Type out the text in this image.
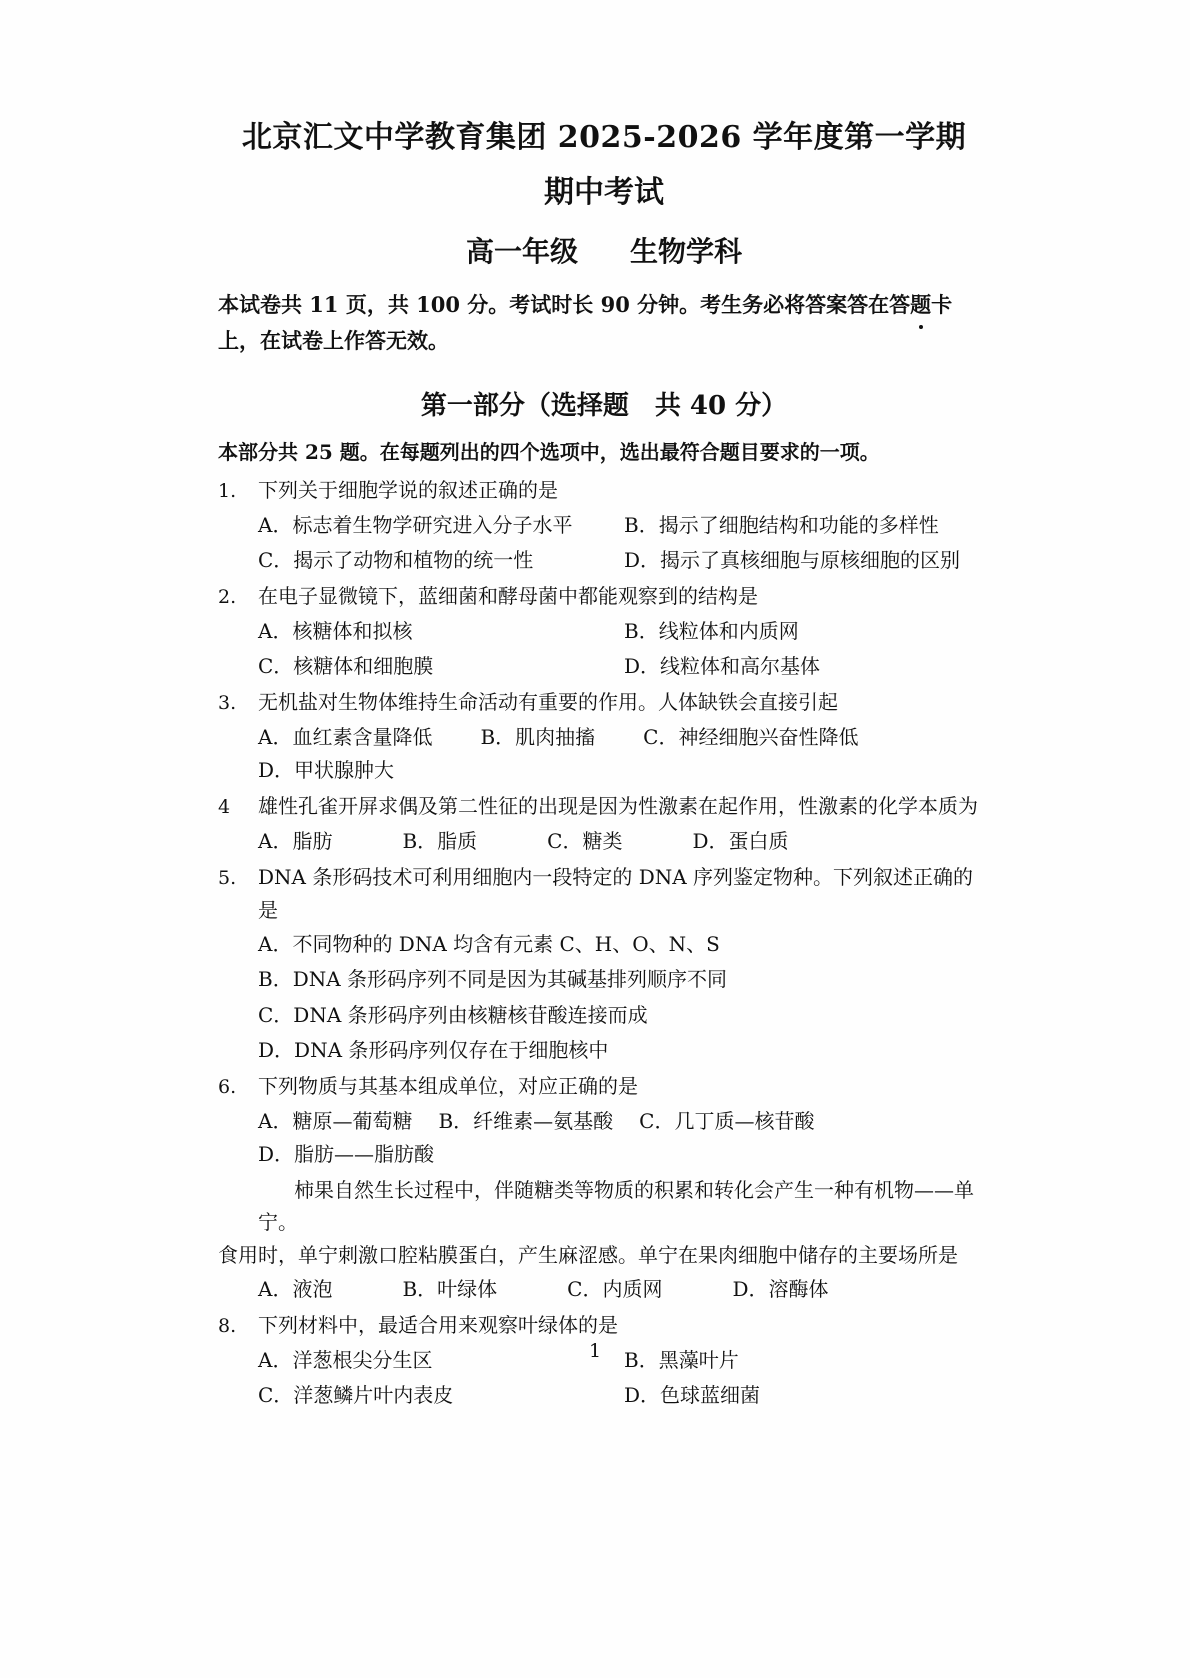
北京汇文中学教育集团 2025-2026 学年度第一学期
期中考试
高一年级 生物学科
本试卷共 11 页，共 100 分。考试时长 90 分钟。考生务必将答案答在答题卡
上，在试卷上作答无效。
第一部分（选择题　共 40 分）
本部分共 25 题。在每题列出的四个选项中，选出最符合题目要求的一项。
1.	下列关于细胞学说的叙述正确的是
A．标志着生物学研究进入分子水平	B．揭示了细胞结构和功能的多样性
C．揭示了动物和植物的统一性	D．揭示了真核细胞与原核细胞的区别
2.	在电子显微镜下，蓝细菌和酵母菌中都能观察到的结构是
A．核糖体和拟核	B．线粒体和内质网
C．核糖体和细胞膜	D．线粒体和高尔基体
3.	无机盐对生物体维持生命活动有重要的作用。人体缺铁会直接引起
A．血红素含量降低 B．肌肉抽搐 C．神经细胞兴奋性降低D．甲状腺肿大
4	雄性孔雀开屏求偶及第二性征的出现是因为性激素在起作用，性激素的化学本质为
A．脂肪	B．脂质	C．糖类	D．蛋白质
5.	DNA 条形码技术可利用细胞内一段特定的 DNA 序列鉴定物种。下列叙述正确的是
A．不同物种的 DNA 均含有元素 C、H、O、N、S
B．DNA 条形码序列不同是因为其碱基排列顺序不同
C．DNA 条形码序列由核糖核苷酸连接而成
D．DNA 条形码序列仅存在于细胞核中
6.	下列物质与其基本组成单位，对应正确的是
A．糖原—葡萄糖 B．纤维素—氨基酸 C．几丁质—核苷酸D．脂肪——脂肪酸
柿果自然生长过程中，伴随糖类等物质的积累和转化会产生一种有机物——单宁。
食用时，单宁刺激口腔粘膜蛋白，产生麻涩感。单宁在果肉细胞中储存的主要场所是
A．液泡	B．叶绿体	C．内质网	D．溶酶体
8.	下列材料中，最适合用来观察叶绿体的是
A．洋葱根尖分生区	B．黑藻叶片
C．洋葱鳞片叶内表皮	D．色球蓝细菌
1
